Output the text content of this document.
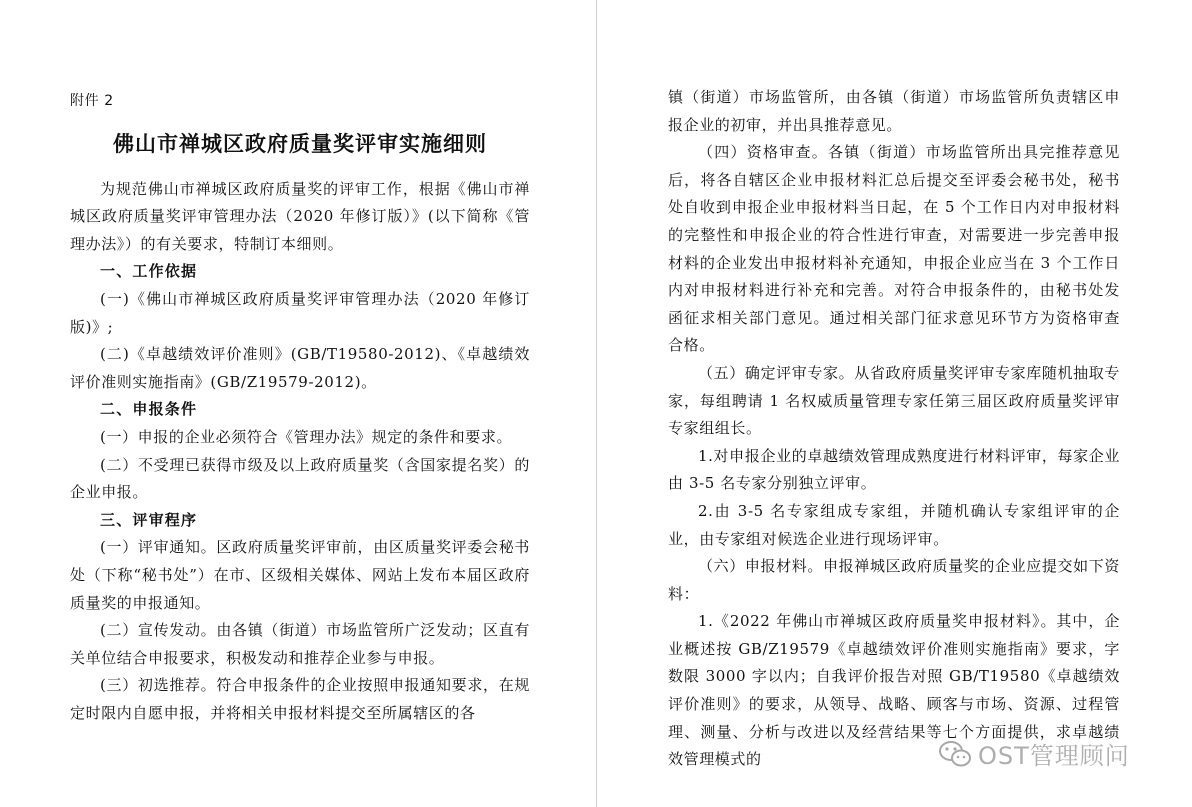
附件 2
佛山市禅城区政府质量奖评审实施细则

为规范佛山市禅城区政府质量奖的评审工作，根据《佛山市禅城区政府质量奖评审管理办法（2020 年修订版）》(以下简称《管理办法》）的有关要求，特制订本细则。

一、工作依据

(一)《佛山市禅城区政府质量奖评审管理办法（2020 年修订版)》;

(二)《卓越绩效评价准则》(GB/T19580-2012)、《卓越绩效评价准则实施指南》(GB/Z19579-2012)。

二、申报条件

(一）申报的企业必须符合《管理办法》规定的条件和要求。

(二）不受理已获得市级及以上政府质量奖（含国家提名奖）的企业申报。

三、评审程序

(一）评审通知。区政府质量奖评审前，由区质量奖评委会秘书处（下称“秘书处”）在市、区级相关媒体、网站上发布本届区政府质量奖的申报通知。

(二）宣传发动。由各镇（街道）市场监管所广泛发动；区直有关单位结合申报要求，积极发动和推荐企业参与申报。

(三）初选推荐。符合申报条件的企业按照申报通知要求，在规定时限内自愿申报，并将相关申报材料提交至所属辖区的各

镇（街道）市场监管所，由各镇（街道）市场监管所负责辖区申报企业的初审，并出具推荐意见。

（四）资格审查。各镇（街道）市场监管所出具完推荐意见后，将各自辖区企业申报材料汇总后提交至评委会秘书处，秘书处自收到申报企业申报材料当日起，在 5 个工作日内对申报材料的完整性和申报企业的符合性进行审查，对需要进一步完善申报材料的企业发出申报材料补充通知，申报企业应当在 3 个工作日内对申报材料进行补充和完善。对符合申报条件的，由秘书处发函征求相关部门意见。通过相关部门征求意见环节方为资格审查合格。

（五）确定评审专家。从省政府质量奖评审专家库随机抽取专家，每组聘请 1 名权威质量管理专家任第三届区政府质量奖评审专家组组长。

1.对申报企业的卓越绩效管理成熟度进行材料评审，每家企业由 3-5 名专家分别独立评审。

2.由 3-5 名专家组成专家组，并随机确认专家组评审的企业，由专家组对候选企业进行现场评审。

（六）申报材料。申报禅城区政府质量奖的企业应提交如下资料：

1.《2022 年佛山市禅城区政府质量奖申报材料》。其中，企业概述按 GB/Z19579《卓越绩效评价准则实施指南》要求，字数限 3000 字以内；自我评价报告对照 GB/T19580《卓越绩效评价准则》的要求，从领导、战略、顾客与市场、资源、过程管理、测量、分析与改进以及经营结果等七个方面提供，求卓越绩效管理模式的	OST管理顾问
